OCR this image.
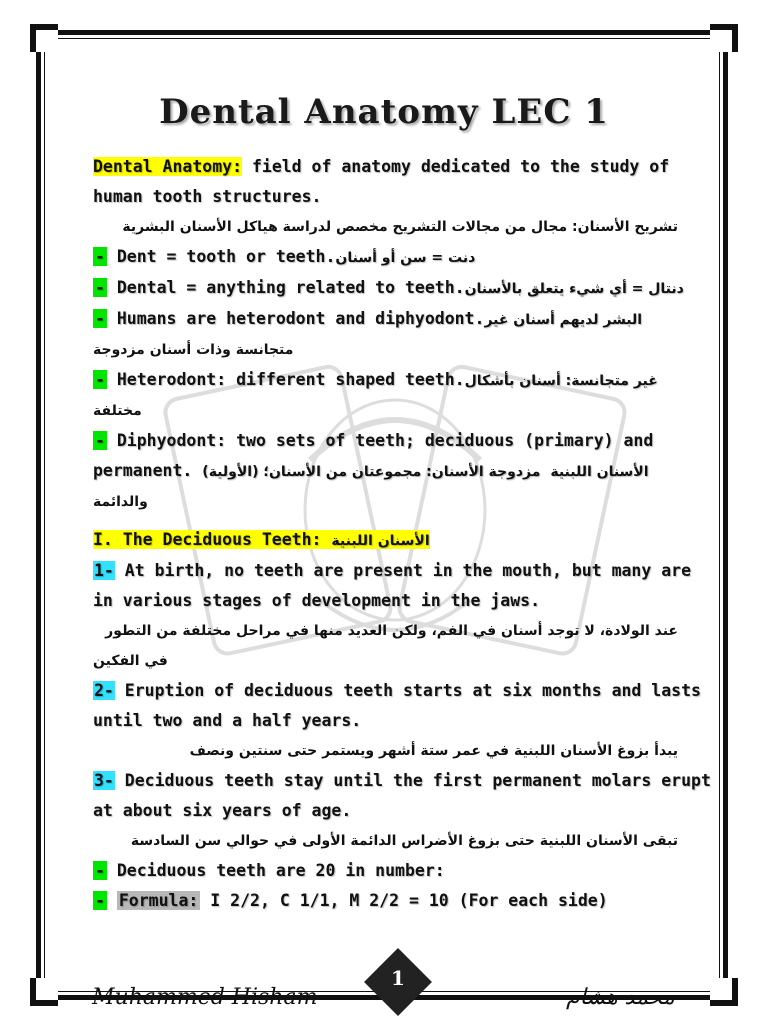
Dental Anatomy LEC 1
Dental Anatomy: field of anatomy dedicated to the study of
human tooth structures.
تشريح الأسنان: مجال من مجالات التشريح مخصص لدراسة هياكل الأسنان البشرية
- Dent = tooth or teeth.دنت = سن أو أسنان
- Dental = anything related to teeth.دنتال = أي شيء يتعلق بالأسنان
- Humans are heterodont and diphyodont.البشر لديهم أسنان غير
متجانسة وذات أسنان مزدوجة
- Heterodont: different shaped teeth.غير متجانسة: أسنان بأشكال
مختلفة
- Diphyodont: two sets of teeth; deciduous (primary) and
permanent. (الأولية) الأسنان اللبنية مزدوجة الأسنان: مجموعتان من الأسنان؛
والدائمة
I. The Deciduous Teeth: الأسنان اللبنية
1- At birth, no teeth are present in the mouth, but many are
in various stages of development in the jaws.
عند الولادة، لا توجد أسنان في الفم، ولكن العديد منها في مراحل مختلفة من التطور
في الفكين
2- Eruption of deciduous teeth starts at six months and lasts
until two and a half years.
يبدأ بزوغ الأسنان اللبنية في عمر ستة أشهر ويستمر حتى سنتين ونصف
3- Deciduous teeth stay until the first permanent molars erupt
at about six years of age.
تبقى الأسنان اللبنية حتى بزوغ الأضراس الدائمة الأولى في حوالي سن السادسة
- Deciduous teeth are 20 in number:
- Formula: I 2/2, C 1/1, M 2/2 = 10 (For each side)
Muhammed Hisham
1
محمد هشام
